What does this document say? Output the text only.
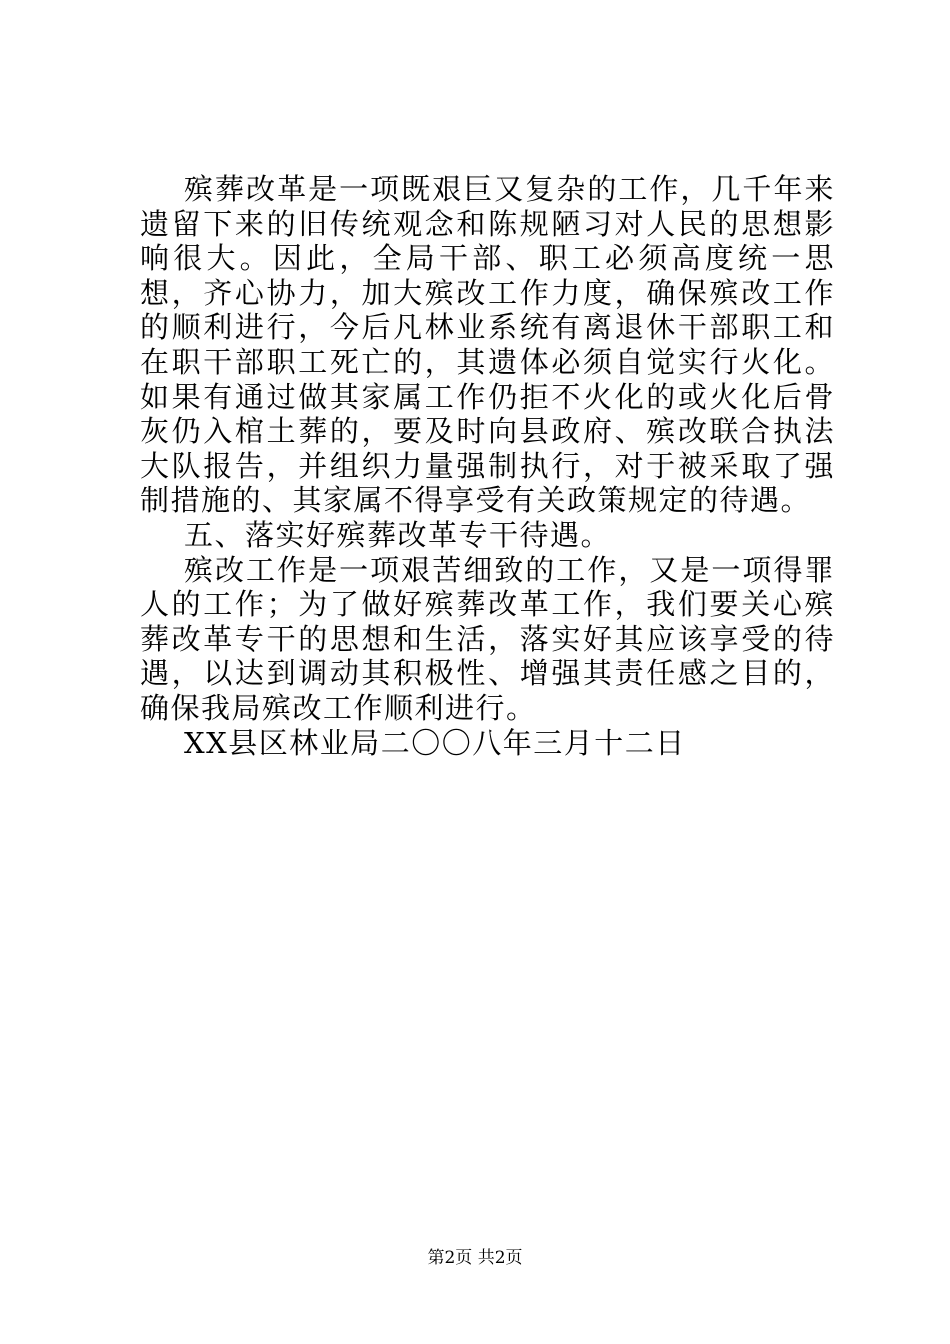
殡葬改革是一项既艰巨又复杂的工作，几千年来遗留下来的旧传统观念和陈规陋习对人民的思想影响很大。因此，全局干部、职工必须高度统一思想，齐心协力，加大殡改工作力度，确保殡改工作的顺利进行，今后凡林业系统有离退休干部职工和在职干部职工死亡的，其遗体必须自觉实行火化。如果有通过做其家属工作仍拒不火化的或火化后骨灰仍入棺土葬的，要及时向县政府、殡改联合执法大队报告，并组织力量强制执行，对于被采取了强制措施的、其家属不得享受有关政策规定的待遇。

五、落实好殡葬改革专干待遇。

殡改工作是一项艰苦细致的工作，又是一项得罪人的工作；为了做好殡葬改革工作，我们要关心殡葬改革专干的思想和生活，落实好其应该享受的待遇，以达到调动其积极性、增强其责任感之目的，确保我局殡改工作顺利进行。

XX县区林业局二〇〇八年三月十二日

第2页 共2页
